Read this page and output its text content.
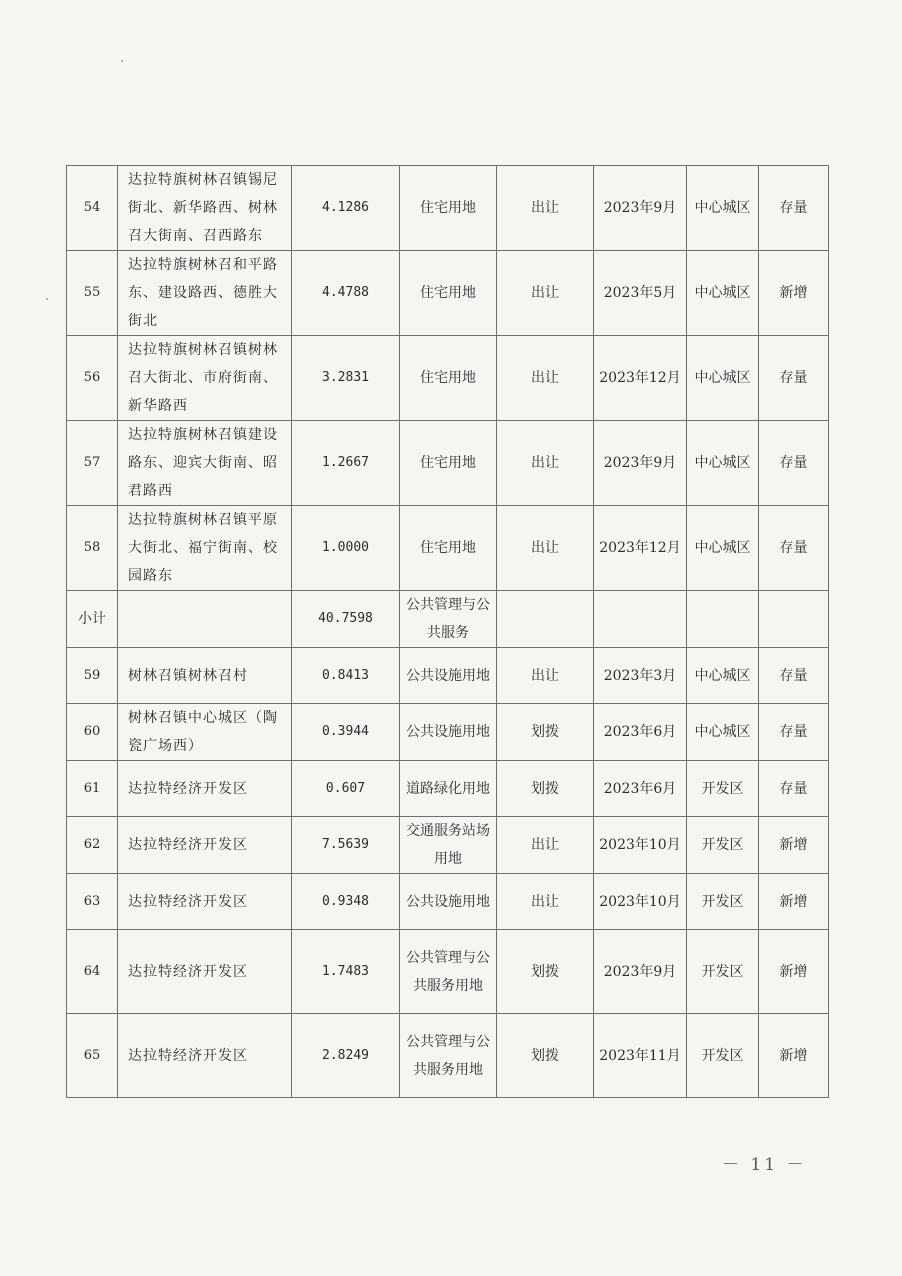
54	达拉特旗树林召镇锡尼街北、新华路西、树林召大街南、召西路东	4.1286	住宅用地	出让	2023年9月	中心城区	存量
55	达拉特旗树林召和平路东、建设路西、德胜大街北	4.4788	住宅用地	出让	2023年5月	中心城区	新增
56	达拉特旗树林召镇树林召大街北、市府街南、新华路西	3.2831	住宅用地	出让	2023年12月	中心城区	存量
57	达拉特旗树林召镇建设路东、迎宾大街南、昭君路西	1.2667	住宅用地	出让	2023年9月	中心城区	存量
58	达拉特旗树林召镇平原大街北、福宁街南、校园路东	1.0000	住宅用地	出让	2023年12月	中心城区	存量
小计		40.7598	公共管理与公共服务				
59	树林召镇树林召村	0.8413	公共设施用地	出让	2023年3月	中心城区	存量
60	树林召镇中心城区（陶瓷广场西）	0.3944	公共设施用地	划拨	2023年6月	中心城区	存量
61	达拉特经济开发区	0.607	道路绿化用地	划拨	2023年6月	开发区	存量
62	达拉特经济开发区	7.5639	交通服务站场用地	出让	2023年10月	开发区	新增
63	达拉特经济开发区	0.9348	公共设施用地	出让	2023年10月	开发区	新增
64	达拉特经济开发区	1.7483	公共管理与公共服务用地	划拨	2023年9月	开发区	新增
65	达拉特经济开发区	2.8249	公共管理与公共服务用地	划拨	2023年11月	开发区	新增
－ 11 －
